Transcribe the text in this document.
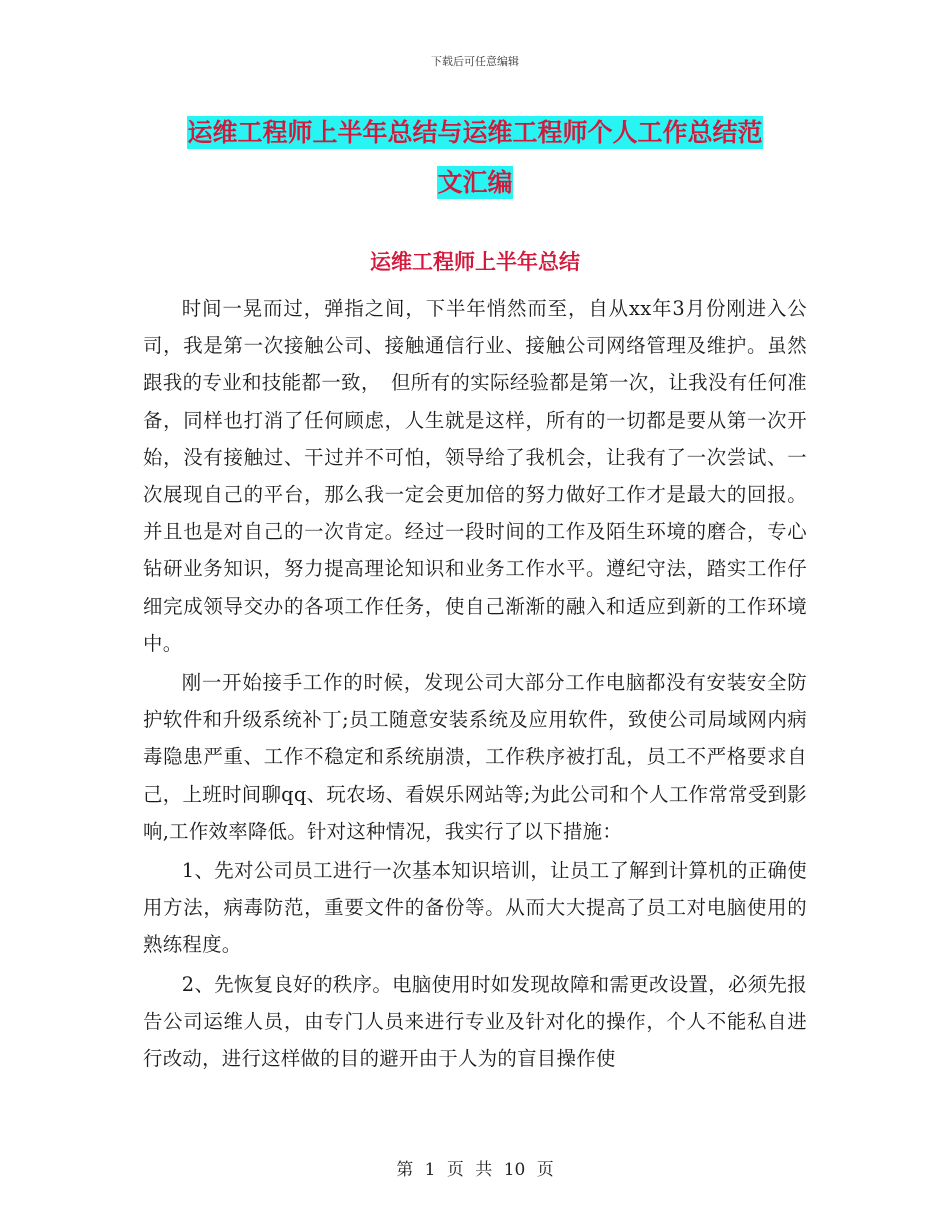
下载后可任意编辑
运维工程师上半年总结与运维工程师个人工作总结范
文汇编
运维工程师上半年总结

时间一晃而过，弹指之间，下半年悄然而至，自从xx年3月份刚进入公司，我是第一次接触公司、接触通信行业、接触公司网络管理及维护。虽然跟我的专业和技能都一致，　但所有的实际经验都是第一次，让我没有任何准备，同样也打消了任何顾虑，人生就是这样，所有的一切都是要从第一次开始，没有接触过、干过并不可怕，领导给了我机会，让我有了一次尝试、一次展现自己的平台，那么我一定会更加倍的努力做好工作才是最大的回报。并且也是对自己的一次肯定。经过一段时间的工作及陌生环境的磨合，专心钻研业务知识，努力提高理论知识和业务工作水平。遵纪守法，踏实工作仔细完成领导交办的各项工作任务，使自己渐渐的融入和适应到新的工作环境中。

刚一开始接手工作的时候，发现公司大部分工作电脑都没有安装安全防护软件和升级系统补丁;员工随意安装系统及应用软件，致使公司局域网内病毒隐患严重、工作不稳定和系统崩溃，工作秩序被打乱，员工不严格要求自己，上班时间聊qq、玩农场、看娱乐网站等;为此公司和个人工作常常受到影响,工作效率降低。针对这种情况，我实行了以下措施：

1、先对公司员工进行一次基本知识培训，让员工了解到计算机的正确使用方法，病毒防范，重要文件的备份等。从而大大提高了员工对电脑使用的熟练程度。

2、先恢复良好的秩序。电脑使用时如发现故障和需更改设置，必须先报告公司运维人员，由专门人员来进行专业及针对化的操作，个人不能私自进行改动，进行这样做的目的避开由于人为的盲目操作使

第 1 页 共 10 页
